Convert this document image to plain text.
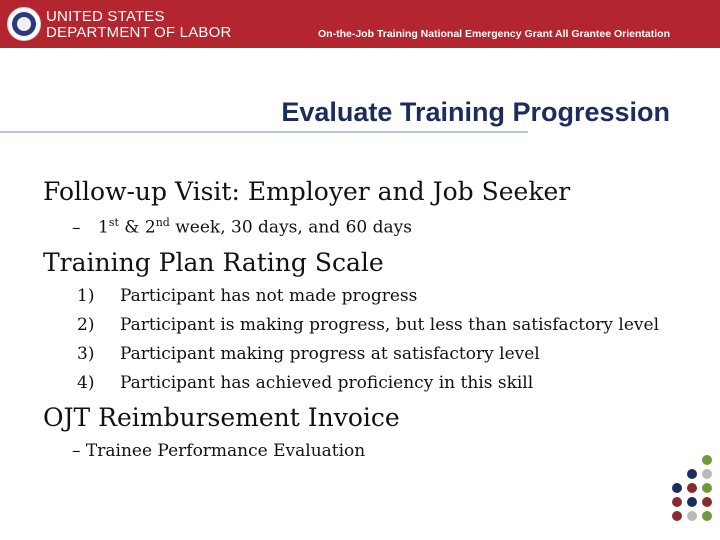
UNITED STATES
DEPARTMENT OF LABOR	On-the-Job Training National Emergency Grant All Grantee Orientation
Evaluate Training Progression
Follow-up Visit: Employer and Job Seeker
– 1st & 2nd week, 30 days, and 60 days
Training Plan Rating Scale
1) Participant has not made progress
2) Participant is making progress, but less than satisfactory level
3) Participant making progress at satisfactory level
4) Participant has achieved proficiency in this skill
OJT Reimbursement Invoice
– Trainee Performance Evaluation
